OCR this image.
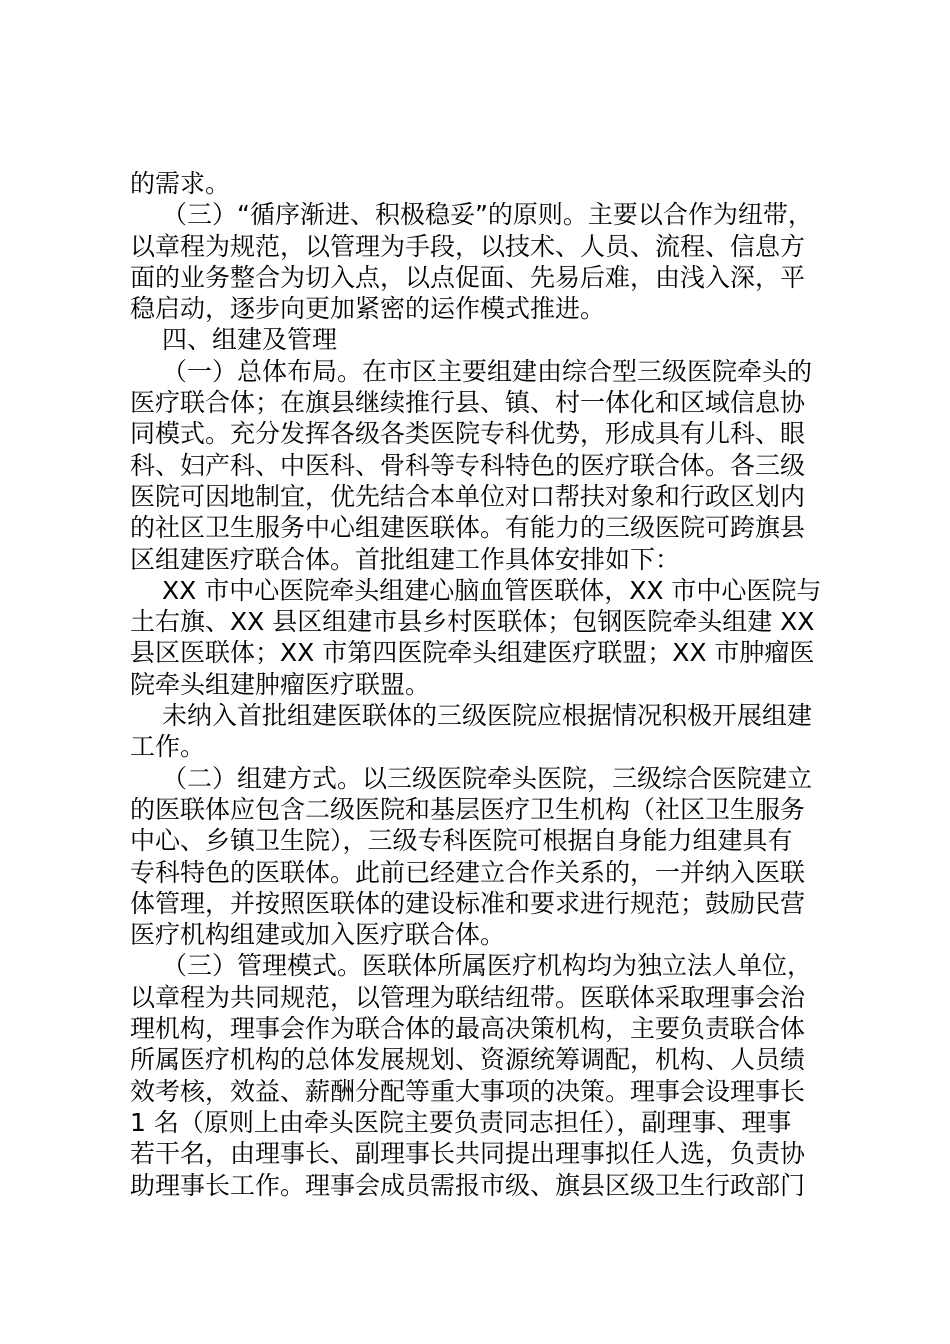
的需求。
（三）“循序渐进、积极稳妥”的原则。主要以合作为纽带，
以章程为规范，以管理为手段，以技术、人员、流程、信息方
面的业务整合为切入点，以点促面、先易后难，由浅入深，平
稳启动，逐步向更加紧密的运作模式推进。
四、组建及管理
（一）总体布局。在市区主要组建由综合型三级医院牵头的
医疗联合体；在旗县继续推行县、镇、村一体化和区域信息协
同模式。充分发挥各级各类医院专科优势，形成具有儿科、眼
科、妇产科、中医科、骨科等专科特色的医疗联合体。各三级
医院可因地制宜，优先结合本单位对口帮扶对象和行政区划内
的社区卫生服务中心组建医联体。有能力的三级医院可跨旗县
区组建医疗联合体。首批组建工作具体安排如下：
XX 市中心医院牵头组建心脑血管医联体，XX 市中心医院与
土右旗、XX 县区组建市县乡村医联体；包钢医院牵头组建 XX
县区医联体；XX 市第四医院牵头组建医疗联盟；XX 市肿瘤医
院牵头组建肿瘤医疗联盟。
未纳入首批组建医联体的三级医院应根据情况积极开展组建
工作。
（二）组建方式。以三级医院牵头医院，三级综合医院建立
的医联体应包含二级医院和基层医疗卫生机构（社区卫生服务
中心、乡镇卫生院），三级专科医院可根据自身能力组建具有
专科特色的医联体。此前已经建立合作关系的，一并纳入医联
体管理，并按照医联体的建设标准和要求进行规范；鼓励民营
医疗机构组建或加入医疗联合体。
（三）管理模式。医联体所属医疗机构均为独立法人单位，
以章程为共同规范，以管理为联结纽带。医联体采取理事会治
理机构，理事会作为联合体的最高决策机构，主要负责联合体
所属医疗机构的总体发展规划、资源统筹调配，机构、人员绩
效考核，效益、薪酬分配等重大事项的决策。理事会设理事长
1 名（原则上由牵头医院主要负责同志担任），副理事、理事
若干名，由理事长、副理事长共同提出理事拟任人选，负责协
助理事长工作。理事会成员需报市级、旗县区级卫生行政部门
